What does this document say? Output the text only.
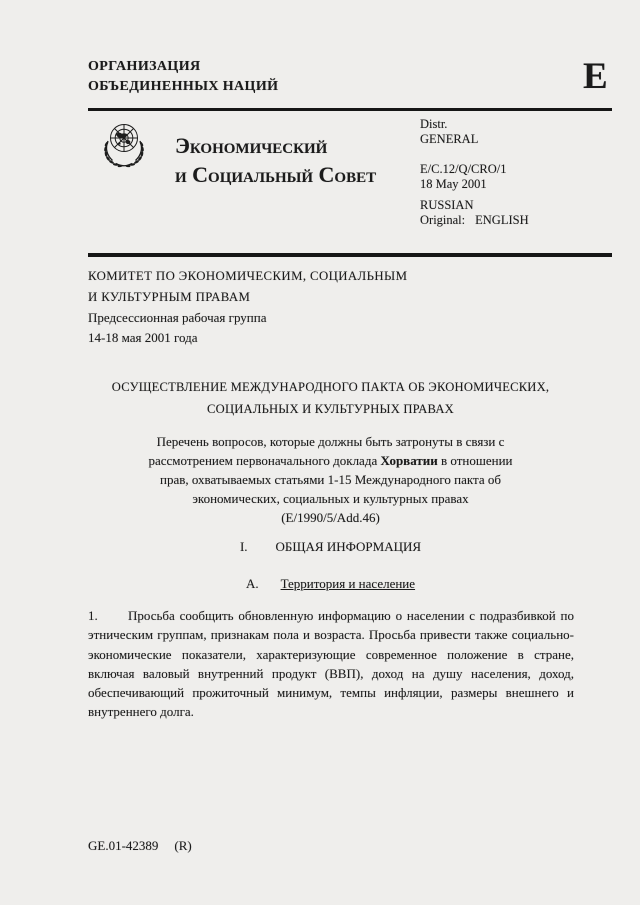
ОРГАНИЗАЦИЯ
ОБЪЕДИНЕННЫХ НАЦИЙ	E
Экономический
и Социальный Совет
Distr.
GENERAL
E/C.12/Q/CRO/1
18 May 2001
RUSSIAN
Original: ENGLISH
КОМИТЕТ ПО ЭКОНОМИЧЕСКИМ, СОЦИАЛЬНЫМ
И КУЛЬТУРНЫМ ПРАВАМ
Предсессионная рабочая группа
14-18 мая 2001 года
ОСУЩЕСТВЛЕНИЕ МЕЖДУНАРОДНОГО ПАКТА ОБ ЭКОНОМИЧЕСКИХ,
СОЦИАЛЬНЫХ И КУЛЬТУРНЫХ ПРАВАХ
Перечень вопросов, которые должны быть затронуты в связи с
рассмотрением первоначального доклада Хорватии в отношении
прав, охватываемых статьями 1-15 Международного пакта об
экономических, социальных и культурных правах
(E/1990/5/Add.46)
I. ОБЩАЯ ИНФОРМАЦИЯ
A. Территория и население
1. Просьба сообщить обновленную информацию о населении с подразбивкой по этническим группам, признакам пола и возраста. Просьба привести также социально-экономические показатели, характеризующие современное положение в стране, включая валовый внутренний продукт (ВВП), доход на душу населения, доход, обеспечивающий прожиточный минимум, темпы инфляции, размеры внешнего и внутреннего долга.
GE.01-42389 (R)
